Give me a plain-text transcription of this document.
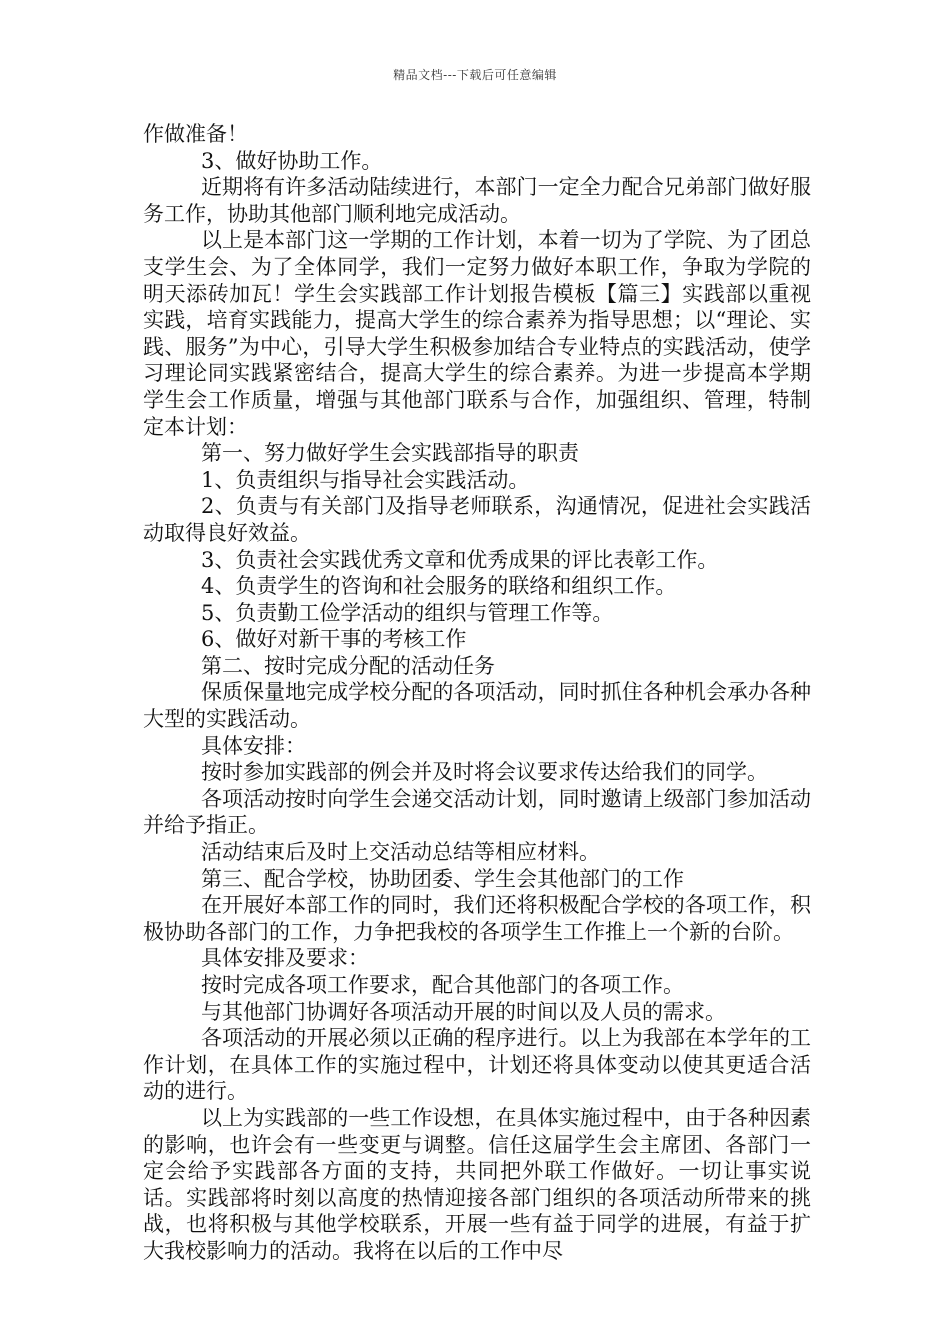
精品文档---下载后可任意编辑

作做准备！

3、做好协助工作。

近期将有许多活动陆续进行，本部门一定全力配合兄弟部门做好服务工作，协助其他部门顺利地完成活动。

以上是本部门这一学期的工作计划，本着一切为了学院、为了团总支学生会、为了全体同学，我们一定努力做好本职工作，争取为学院的明天添砖加瓦！学生会实践部工作计划报告模板【篇三】实践部以重视实践，培育实践能力，提高大学生的综合素养为指导思想；以“理论、实践、服务”为中心，引导大学生积极参加结合专业特点的实践活动，使学习理论同实践紧密结合，提高大学生的综合素养。为进一步提高本学期学生会工作质量，增强与其他部门联系与合作，加强组织、管理，特制定本计划：

第一、努力做好学生会实践部指导的职责

1、负责组织与指导社会实践活动。

2、负责与有关部门及指导老师联系，沟通情况，促进社会实践活动取得良好效益。

3、负责社会实践优秀文章和优秀成果的评比表彰工作。

4、负责学生的咨询和社会服务的联络和组织工作。

5、负责勤工俭学活动的组织与管理工作等。

6、做好对新干事的考核工作

第二、按时完成分配的活动任务

保质保量地完成学校分配的各项活动，同时抓住各种机会承办各种大型的实践活动。

具体安排：

按时参加实践部的例会并及时将会议要求传达给我们的同学。

各项活动按时向学生会递交活动计划，同时邀请上级部门参加活动并给予指正。

活动结束后及时上交活动总结等相应材料。

第三、配合学校，协助团委、学生会其他部门的工作

在开展好本部工作的同时，我们还将积极配合学校的各项工作，积极协助各部门的工作，力争把我校的各项学生工作推上一个新的台阶。

具体安排及要求：

按时完成各项工作要求，配合其他部门的各项工作。

与其他部门协调好各项活动开展的时间以及人员的需求。

各项活动的开展必须以正确的程序进行。以上为我部在本学年的工作计划，在具体工作的实施过程中，计划还将具体变动以使其更适合活动的进行。

以上为实践部的一些工作设想，在具体实施过程中，由于各种因素的影响，也许会有一些变更与调整。信任这届学生会主席团、各部门一定会给予实践部各方面的支持，共同把外联工作做好。一切让事实说话。实践部将时刻以高度的热情迎接各部门组织的各项活动所带来的挑战，也将积极与其他学校联系，开展一些有益于同学的进展，有益于扩大我校影响力的活动。我将在以后的工作中尽
